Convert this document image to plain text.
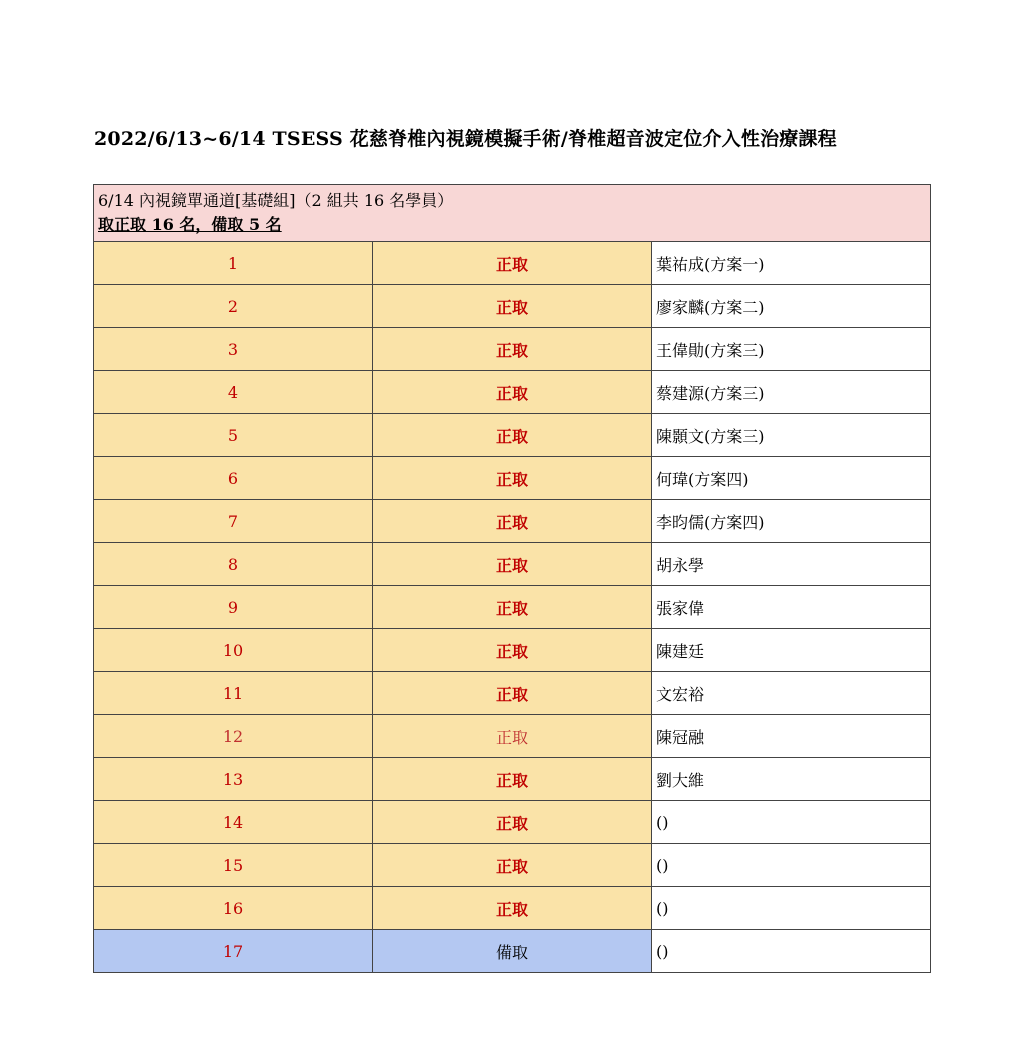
2022/6/13~6/14 TSESS 花慈脊椎內視鏡模擬手術/脊椎超音波定位介入性治療課程
6/14 內視鏡單通道[基礎組]（2 組共 16 名學員）
取正取 16 名，備取 5 名		

1	正取	葉祐成(方案一)
2	正取	廖家麟(方案二)
3	正取	王偉勛(方案三)
4	正取	蔡建源(方案三)
5	正取	陳顥文(方案三)
6	正取	何瑋(方案四)
7	正取	李昀儒(方案四)
8	正取	胡永學
9	正取	張家偉
10	正取	陳建廷
11	正取	文宏裕
12	正取	陳冠融
13	正取	劉大維
14	正取	()
15	正取	()
16	正取	()
17	備取	()
